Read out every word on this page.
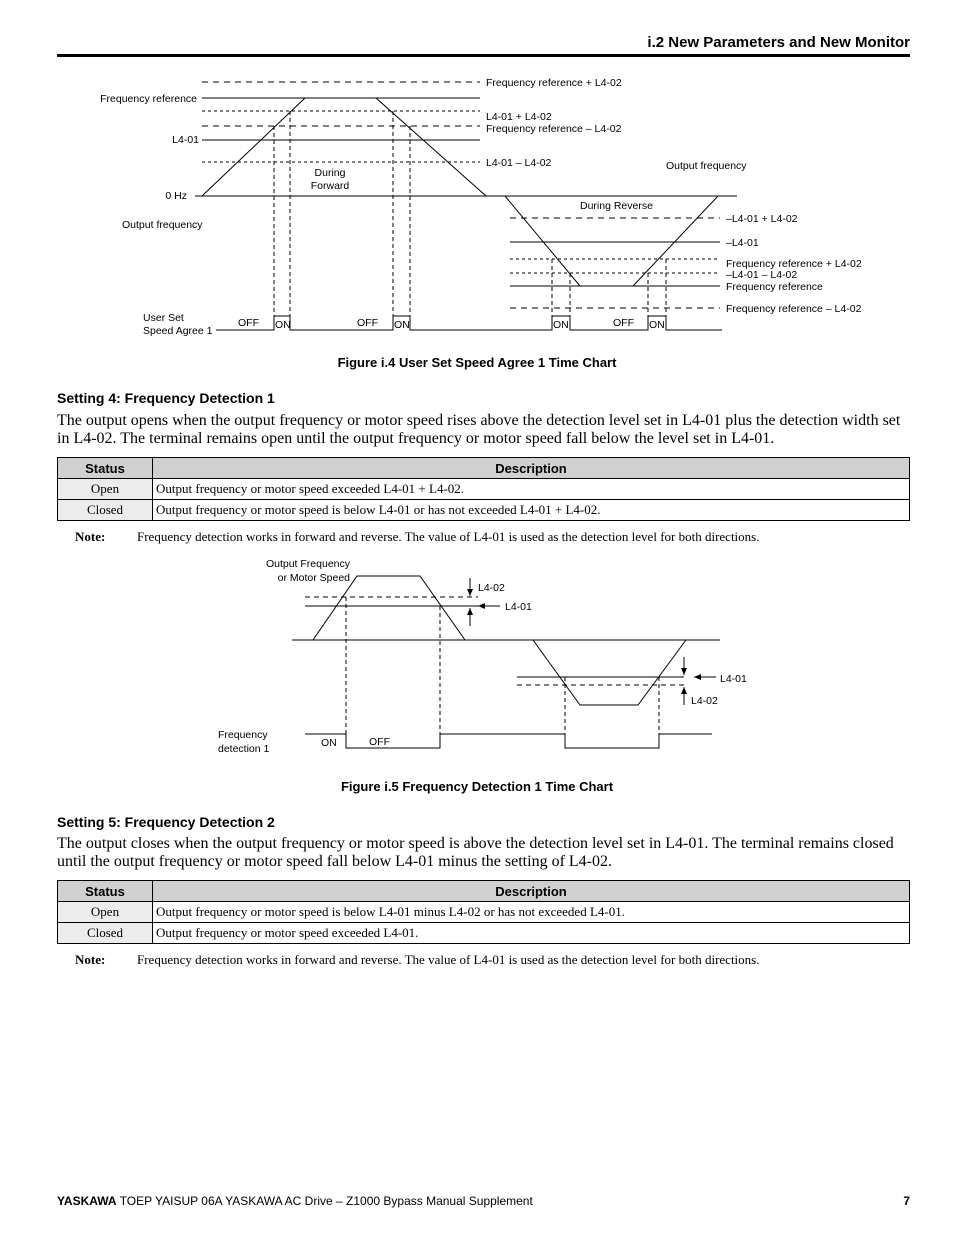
i.2 New Parameters and New Monitor
Frequency reference + L4-02
Frequency reference
L4-01 + L4-02
Frequency reference – L4-02
L4-01
L4-01 – L4-02	Output frequency
During
Forward
0 Hz
Output frequency
During Reverse
–L4-01 + L4-02
–L4-01
Frequency reference + L4-02
–L4-01 – L4-02
Frequency reference
Frequency reference – L4-02
User Set
Speed Agree 1
OFF ON	OFF ON	ON	OFF ON
Figure i.4 User Set Speed Agree 1 Time Chart
Setting 4: Frequency Detection 1
The output opens when the output frequency or motor speed rises above the detection level set in L4-01 plus the detection width set in L4-02. The terminal remains open until the output frequency or motor speed fall below the level set in L4-01.
Status	Description
Open	Output frequency or motor speed exceeded L4-01 + L4-02.
Closed	Output frequency or motor speed is below L4-01 or has not exceeded L4-01 + L4-02.
Note: Frequency detection works in forward and reverse. The value of L4-01 is used as the detection level for both directions.
Output Frequency
or Motor Speed
L4-02
L4-01
L4-01
L4-02
Frequency
detection 1	ON	OFF
Figure i.5 Frequency Detection 1 Time Chart
Setting 5: Frequency Detection 2
The output closes when the output frequency or motor speed is above the detection level set in L4-01. The terminal remains closed until the output frequency or motor speed fall below L4-01 minus the setting of L4-02.
Status	Description
Open	Output frequency or motor speed is below L4-01 minus L4-02 or has not exceeded L4-01.
Closed	Output frequency or motor speed exceeded L4-01.
Note: Frequency detection works in forward and reverse. The value of L4-01 is used as the detection level for both directions.
YASKAWA TOEP YAISUP 06A YASKAWA AC Drive – Z1000 Bypass Manual Supplement	7
